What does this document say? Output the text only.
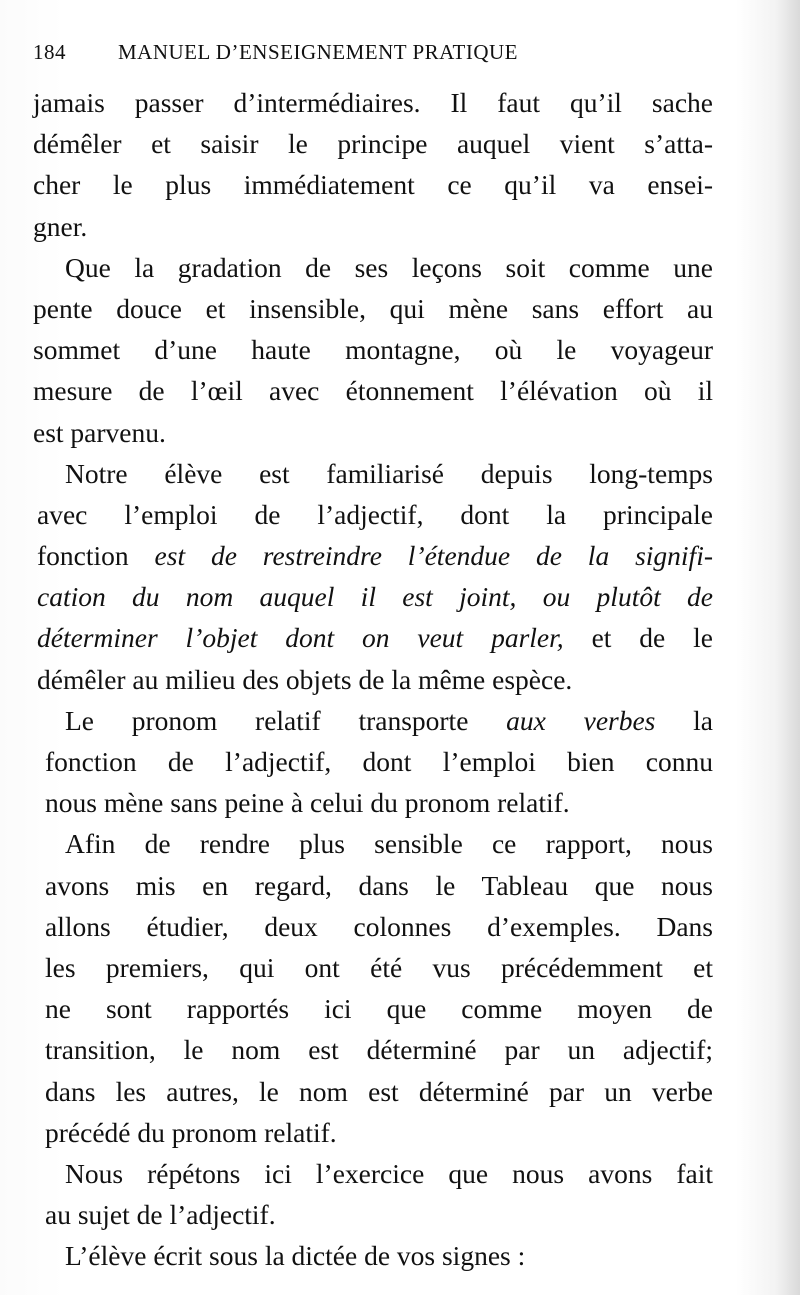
184 MANUEL D’ENSEIGNEMENT PRATIQUE
jamais passer d’intermédiaires. Il faut qu’il sache
démêler et saisir le principe auquel vient s’atta-
cher le plus immédiatement ce qu’il va ensei-
gner.
Que la gradation de ses leçons soit comme une
pente douce et insensible, qui mène sans effort au
sommet d’une haute montagne, où le voyageur
mesure de l’œil avec étonnement l’élévation où il
est parvenu.
Notre élève est familiarisé depuis long-temps
avec l’emploi de l’adjectif, dont la principale
fonction est de restreindre l’étendue de la signifi-
cation du nom auquel il est joint, ou plutôt de
déterminer l’objet dont on veut parler, et de le
démêler au milieu des objets de la même espèce.
Le pronom relatif transporte aux verbes la
fonction de l’adjectif, dont l’emploi bien connu
nous mène sans peine à celui du pronom relatif.
Afin de rendre plus sensible ce rapport, nous
avons mis en regard, dans le Tableau que nous
allons étudier, deux colonnes d’exemples. Dans
les premiers, qui ont été vus précédemment et
ne sont rapportés ici que comme moyen de
transition, le nom est déterminé par un adjectif;
dans les autres, le nom est déterminé par un verbe
précédé du pronom relatif.
Nous répétons ici l’exercice que nous avons fait
au sujet de l’adjectif.
L’élève écrit sous la dictée de vos signes :
